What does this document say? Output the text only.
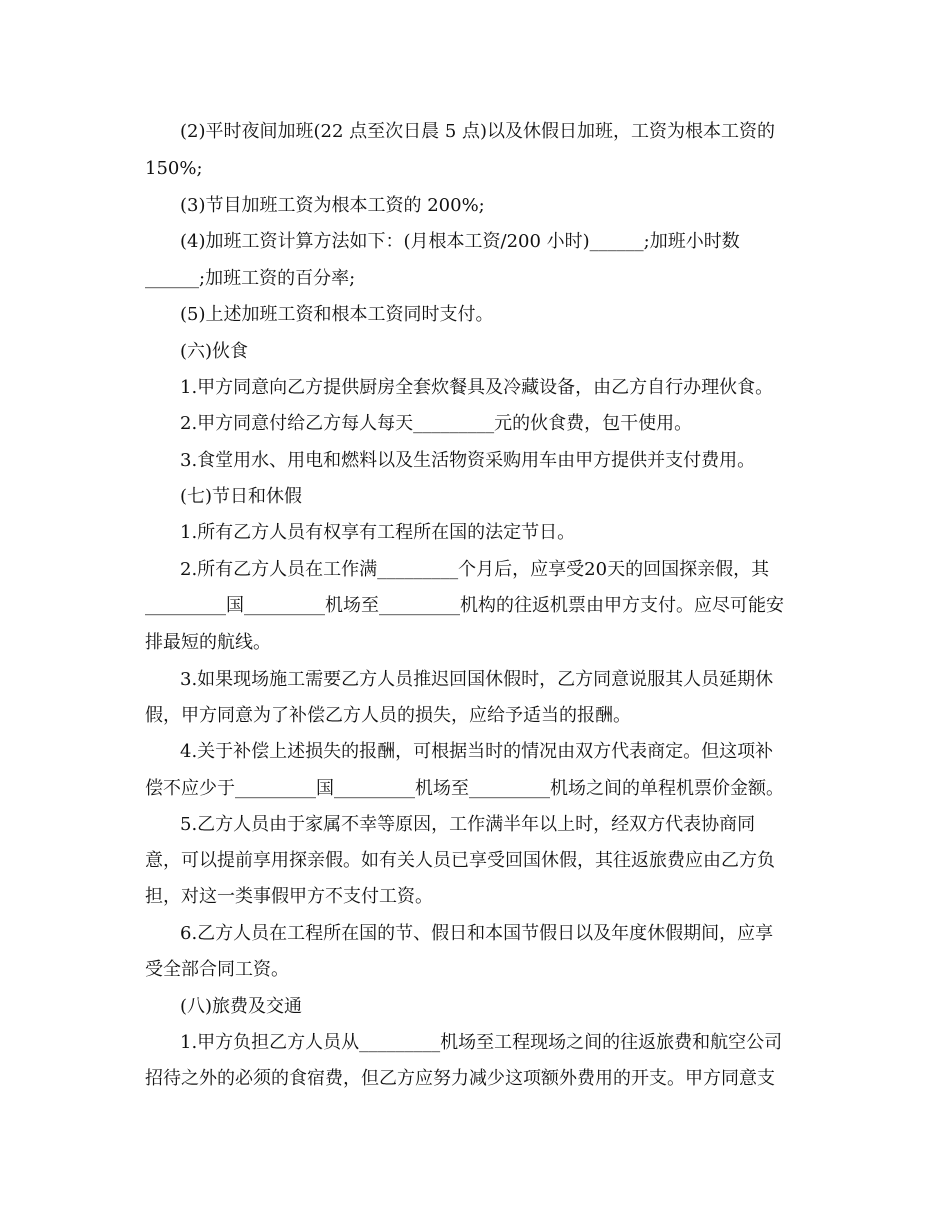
(2)平时夜间加班(22 点至次日晨 5 点)以及休假日加班，工资为根本工资的

150%;

(3)节目加班工资为根本工资的 200%;

(4)加班工资计算方法如下：(月根本工资/200 小时)______;加班小时数

______;加班工资的百分率;

(5)上述加班工资和根本工资同时支付。

(六)伙食

1.甲方同意向乙方提供厨房全套炊餐具及冷藏设备，由乙方自行办理伙食。

2.甲方同意付给乙方每人每天_________元的伙食费，包干使用。

3.食堂用水、用电和燃料以及生活物资采购用车由甲方提供并支付费用。

(七)节日和休假

1.所有乙方人员有权享有工程所在国的法定节日。

2.所有乙方人员在工作满_________个月后，应享受20天的回国探亲假，其

_________国_________机场至_________机构的往返机票由甲方支付。应尽可能安

排最短的航线。

3.如果现场施工需要乙方人员推迟回国休假时，乙方同意说服其人员延期休

假，甲方同意为了补偿乙方人员的损失，应给予适当的报酬。

4.关于补偿上述损失的报酬，可根据当时的情况由双方代表商定。但这项补

偿不应少于_________国_________机场至_________机场之间的单程机票价金额。

5.乙方人员由于家属不幸等原因，工作满半年以上时，经双方代表协商同

意，可以提前享用探亲假。如有关人员已享受回国休假，其往返旅费应由乙方负

担，对这一类事假甲方不支付工资。

6.乙方人员在工程所在国的节、假日和本国节假日以及年度休假期间，应享

受全部合同工资。

(八)旅费及交通

1.甲方负担乙方人员从_________机场至工程现场之间的往返旅费和航空公司

招待之外的必须的食宿费，但乙方应努力减少这项额外费用的开支。甲方同意支
